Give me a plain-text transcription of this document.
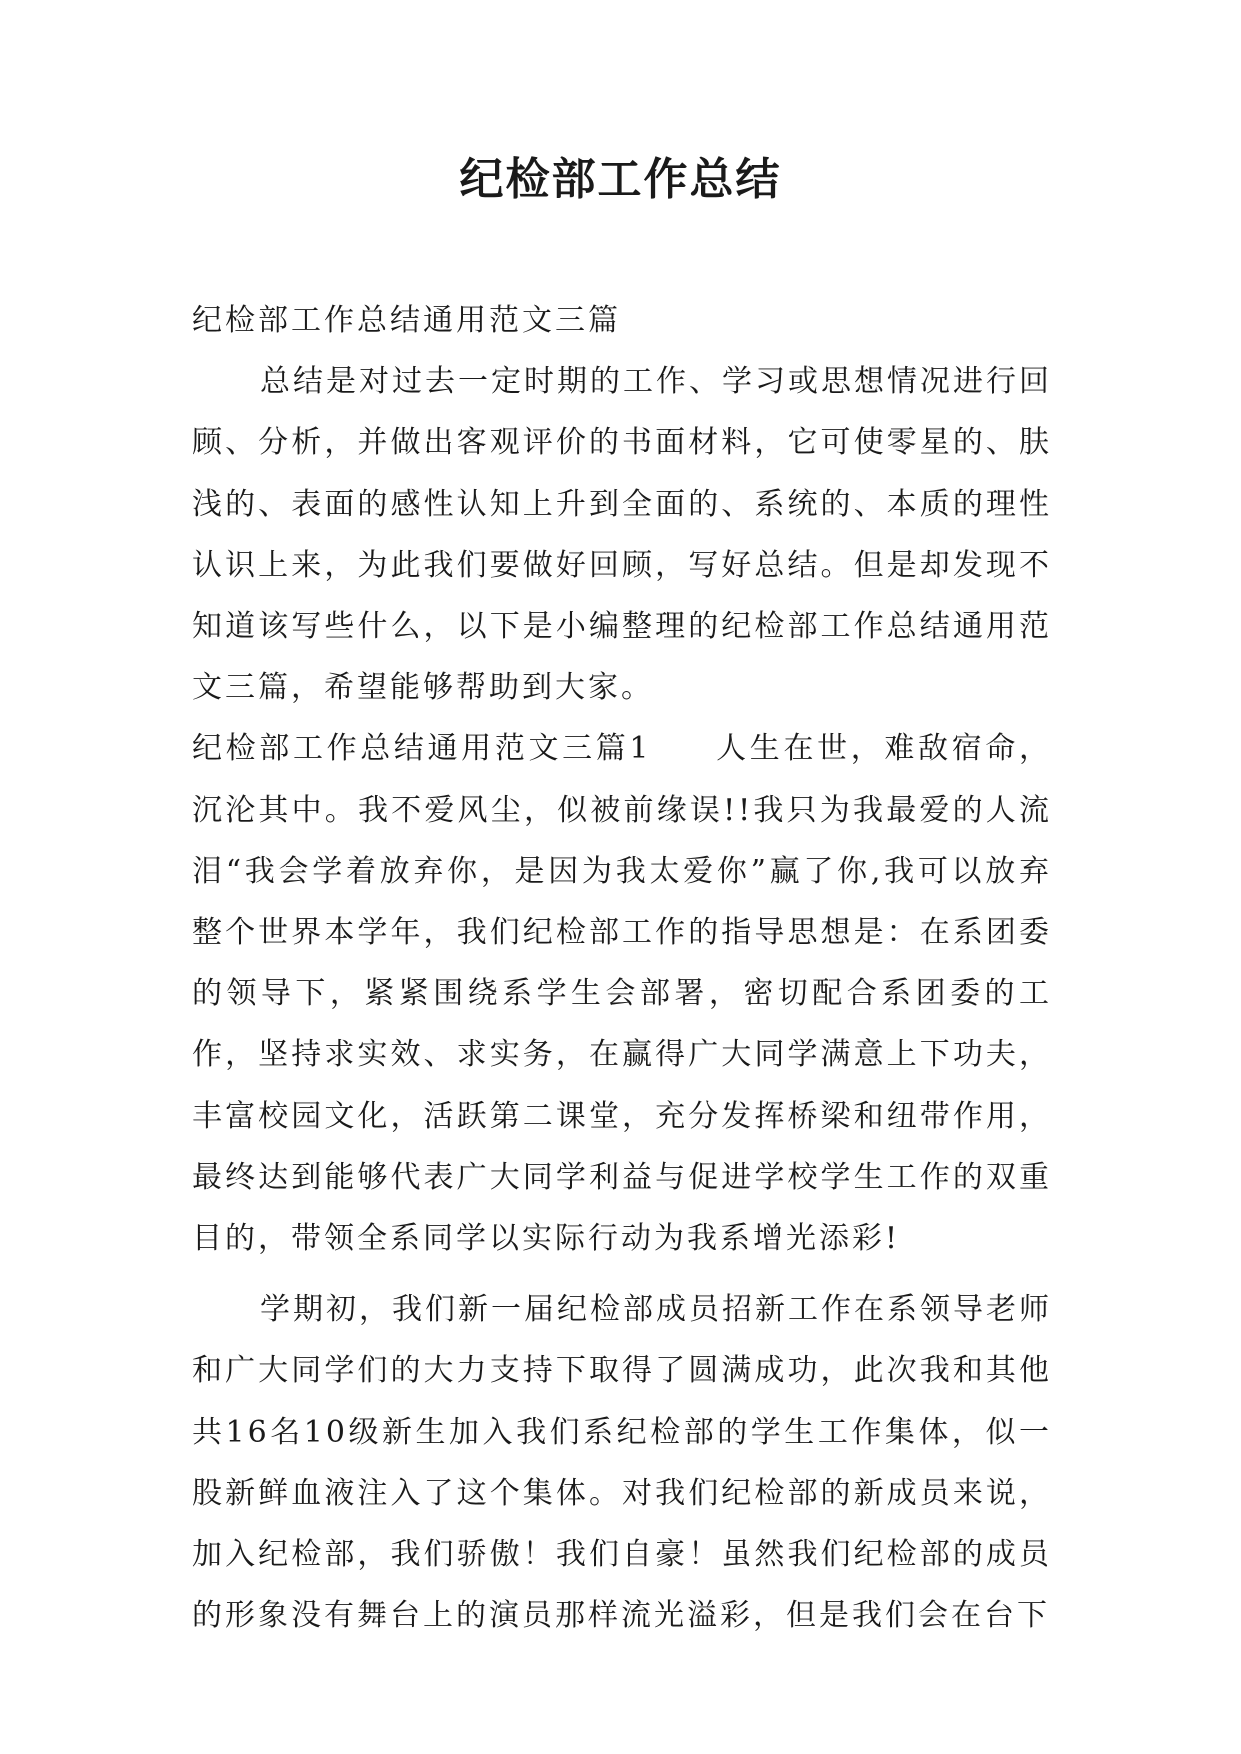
纪检部工作总结

纪检部工作总结通用范文三篇

总结是对过去一定时期的工作、学习或思想情况进行回顾、分析，并做出客观评价的书面材料，它可使零星的、肤浅的、表面的感性认知上升到全面的、系统的、本质的理性认识上来，为此我们要做好回顾，写好总结。但是却发现不知道该写些什么，以下是小编整理的纪检部工作总结通用范文三篇，希望能够帮助到大家。

纪检部工作总结通用范文三篇1 人生在世，难敌宿命，沉沦其中。我不爱风尘，似被前缘误!!我只为我最爱的人流泪“我会学着放弃你，是因为我太爱你”赢了你,我可以放弃整个世界本学年，我们纪检部工作的指导思想是：在系团委的领导下，紧紧围绕系学生会部署，密切配合系团委的工作，坚持求实效、求实务，在赢得广大同学满意上下功夫，丰富校园文化，活跃第二课堂，充分发挥桥梁和纽带作用，最终达到能够代表广大同学利益与促进学校学生工作的双重目的，带领全系同学以实际行动为我系增光添彩!

学期初，我们新一届纪检部成员招新工作在系领导老师和广大同学们的大力支持下取得了圆满成功，此次我和其他共16名10级新生加入我们系纪检部的学生工作集体，似一股新鲜血液注入了这个集体。对我们纪检部的新成员来说，加入纪检部，我们骄傲！我们自豪！虽然我们纪检部的成员的形象没有舞台上的演员那样流光溢彩，但是我们会在台下
